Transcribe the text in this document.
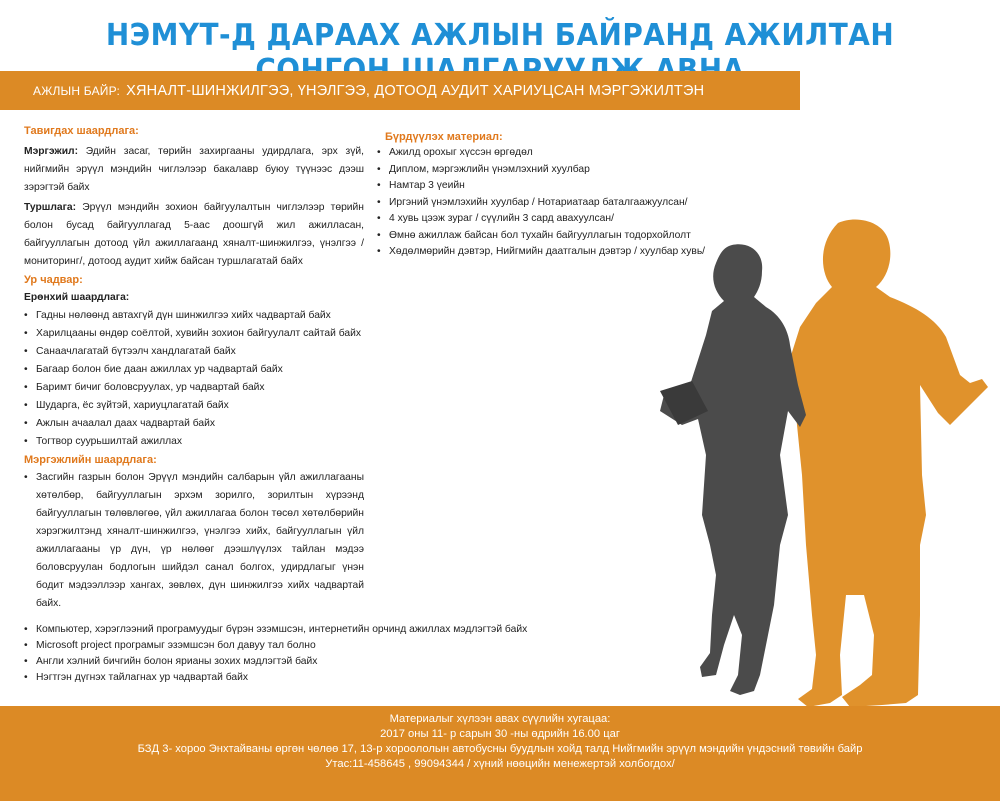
НЭМҮТ-Д ДАРААХ АЖЛЫН БАЙРАНД АЖИЛТАН
АЖЛЫН БАЙР: ХЯНАЛТ-ШИНЖИЛГЭЭ, ҮНЭЛГЭЭ, ДОТООД АУДИТ ХАРИУЦСАН МЭРГЭЖИЛТЭН
Тавигдах шаардлага:
Мэргэжил: Эдийн засаг, төрийн захиргааны удирдлага, эрх зүй, нийгмийн эрүүл мэндийн чиглэлээр бакалавр буюу түүнээс дээш зэрэгтэй байх
Туршлага: Эрүүл мэндийн зохион байгуулалтын чиглэлээр төрийн болон бусад байгууллагад 5-аас доошгүй жил ажилласан, байгууллагын дотоод үйл ажиллагаанд хяналт-шинжилгээ, үнэлгээ /мониторинг/, дотоод аудит хийж байсан туршлагатай байх
Ур чадвар:
Ерөнхий шаардлага:
• Гадны нөлөөнд автахгүй дүн шинжилгээ хийх чадвартай байх
• Харилцааны өндөр соёлтой, хувийн зохион байгуулалт сайтай байх
• Санаачлагатай бүтээлч хандлагатай байх
• Багаар болон бие даан ажиллах ур чадвартай байх
• Баримт бичиг боловсруулах, ур чадвартай байх
• Шударга, ёс зүйтэй, хариуцлагатай байх
• Ажлын ачаалал даах чадвартай байх
• Тогтвор суурьшилтай ажиллах
Мэргэжлийн шаардлага:
• Засгийн газрын болон Эрүүл мэндийн салбарын үйл ажиллагааны хөтөлбөр, байгууллагын эрхэм зорилго, зорилтын хүрээнд байгууллагын төлөвлөгөө, үйл ажиллагаа болон төсөл хөтөлбөрийн хэрэгжилтэнд хяналт-шинжилгээ, үнэлгээ хийх, байгууллагын үйл ажиллагааны үр дүн, үр нөлөөг дээшлүүлэх тайлан мэдээ боловсруулан бодлогын шийдэл санал болгох, удирдлагыг үнэн бодит мэдээллээр хангах, зөвлөх, дүн шинжилгээ хийх чадвартай байх.
• Компьютер, хэрэглээний програмуудыг бүрэн эзэмшсэн, интернетийн орчинд ажиллах мэдлэгтэй байх
• Microsoft project програмыг эзэмшсэн бол давуу тал болно
• Англи хэлний бичгийн болон ярианы зохих мэдлэгтэй байх
• Нэгтгэн дүгнэх тайлагнах ур чадвартай байх
Бүрдүүлэх материал:
• Ажилд орохыг хүссэн өргөдөл
• Диплом, мэргэжлийн үнэмлэхний хуулбар
• Намтар 3 үеийн
• Иргэний үнэмлэхийн хуулбар / Нотариатаар баталгаажуулсан/
• 4 хувь цээж зураг / сүүлийн 3 сард авахуулсан/
• Өмнө ажиллаж байсан бол тухайн байгууллагын тодорхойлолт
• Хөдөлмөрийн дэвтэр, Нийгмийн даатгалын дэвтэр / хуулбар хувь/
Материалыг хүлээн авах сүүлийн хугацаа:
2017 оны 11- р сарын 30 -ны өдрийн 16.00 цаг
БЗД 3- хороо Энхтайваны өргөн чөлөө 17, 13-р хороололын автобусны буудлын хойд талд Нийгмийн эрүүл мэндийн үндэсний төвийн байр
Утас:11-458645 , 99094344 / хүний нөөцийн менежертэй холбогдох/
